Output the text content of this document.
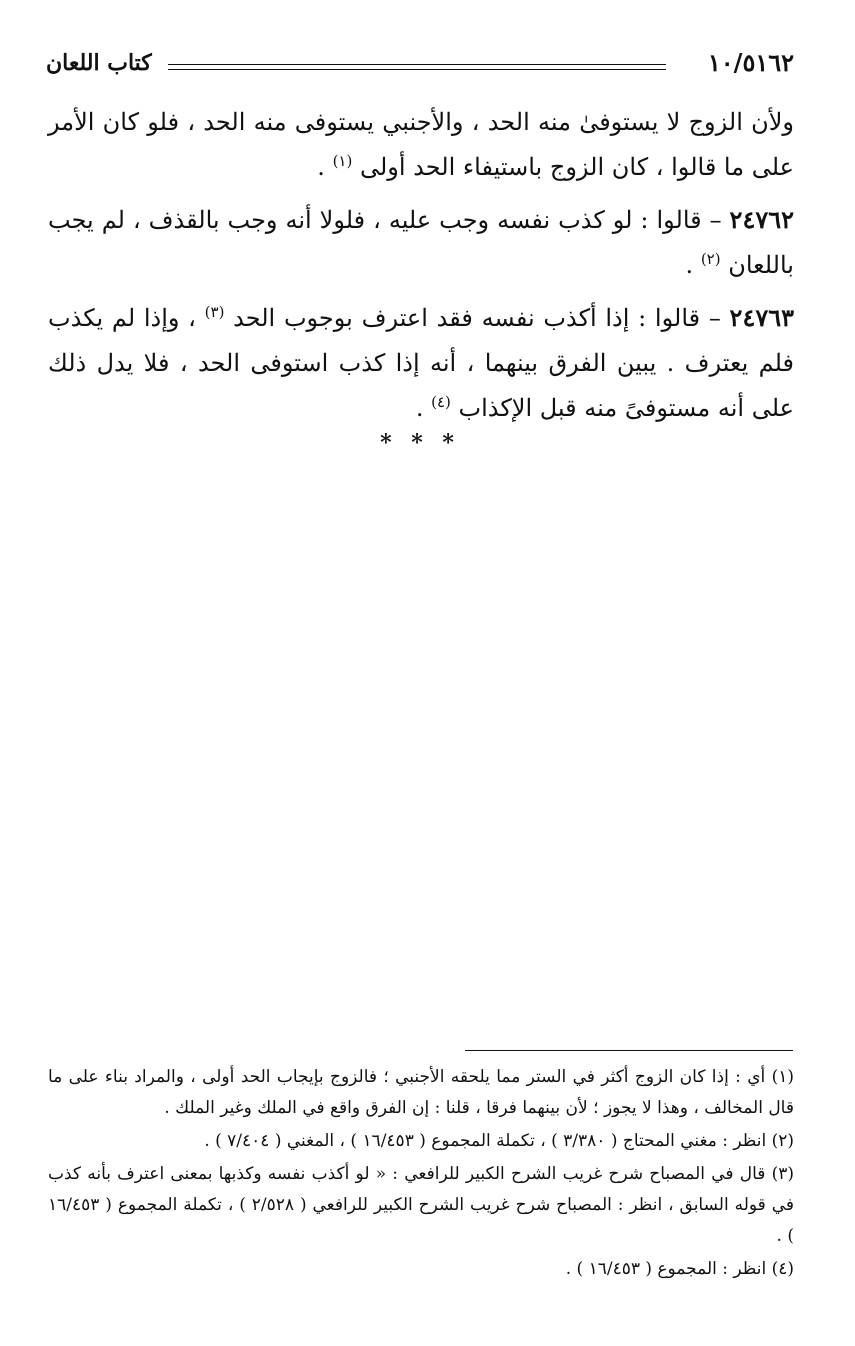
كتاب اللعان	١٠/٥١٦٢

ولأن الزوج لا يستوفىٰ منه الحد ، والأجنبي يستوفى منه الحد ، فلو كان الأمر على ما قالوا ، كان الزوج باستيفاء الحد أولى $^{(١)}$ .

٢٤٧٦٢ – قالوا : لو كذب نفسه وجب عليه ، فلولا أنه وجب بالقذف ، لم يجب باللعان $^{(٢)}$ .

٢٤٧٦٣ – قالوا : إذا أكذب نفسه فقد اعترف بوجوب الحد $^{(٣)}$ ، وإذا لم يكذب فلم يعترف . يبين الفرق بينهما ، أنه إذا كذب استوفى الحد ، فلا يدل ذلك على أنه مستوفىً منه قبل الإكذاب $^{(٤)}$ .

* * *

(١) أي : إذا كان الزوج أكثر في الستر مما يلحقه الأجنبي ؛ فالزوج بإيجاب الحد أولى ، والمراد بناء على ما قال المخالف ، وهذا لا يجوز ؛ لأن بينهما فرقا ، قلنا : إن الفرق واقع في الملك وغير الملك .

(٢) انظر : مغني المحتاج ( ٣/٣٨٠ ) ، تكملة المجموع ( ١٦/٤٥٣ ) ، المغني ( ٧/٤٠٤ ) .

(٣) قال في المصباح شرح غريب الشرح الكبير للرافعي : « لو أكذب نفسه وكذبها بمعنى اعترف بأنه كذب في قوله السابق ، انظر : المصباح شرح غريب الشرح الكبير للرافعي ( ٢/٥٢٨ ) ، تكملة المجموع ( ١٦/٤٥٣ ) .

(٤) انظر : المجموع ( ١٦/٤٥٣ ) .
